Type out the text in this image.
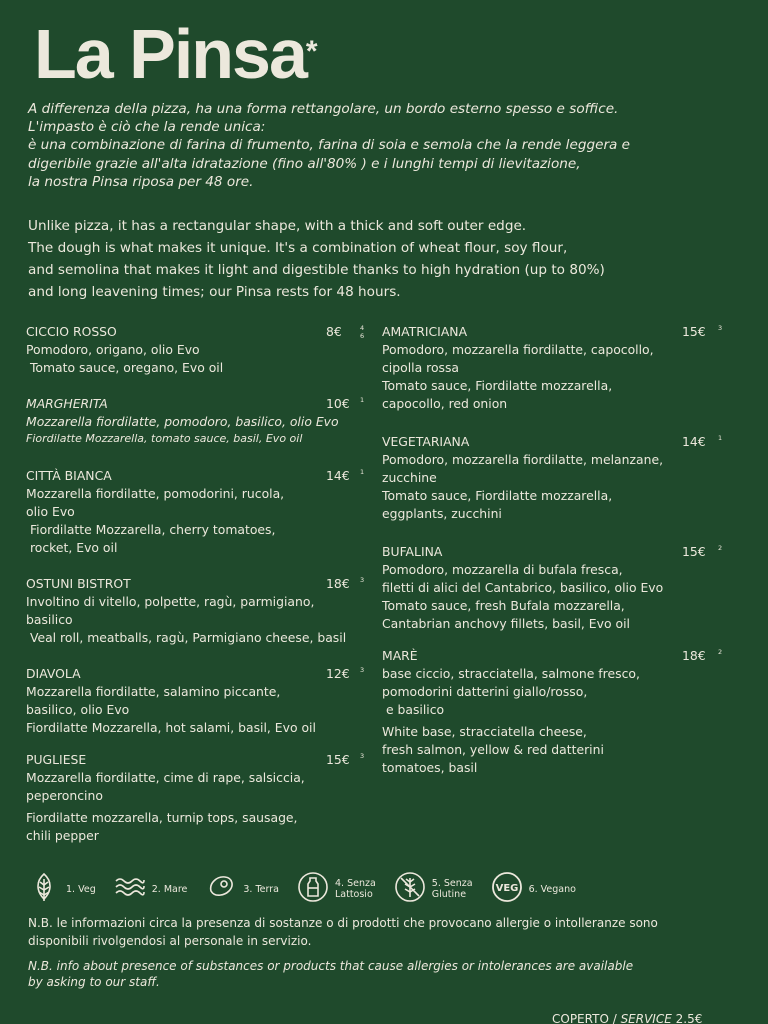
La Pinsa*
A differenza della pizza, ha una forma rettangolare, un bordo esterno spesso e soffice.
L'impasto è ciò che la rende unica:
è una combinazione di farina di frumento, farina di soia e semola che la rende leggera e
digeribile grazie all'alta idratazione (fino all'80% ) e i lunghi tempi di lievitazione,
la nostra Pinsa riposa per 48 ore.
Unlike pizza, it has a rectangular shape, with a thick and soft outer edge.
The dough is what makes it unique. It's a combination of wheat flour, soy flour,
and semolina that makes it light and digestible thanks to high hydration (up to 80%)
and long leavening times; our Pinsa rests for 48 hours.
CICCIO ROSSO	8€	4
6
Pomodoro, origano, olio Evo
Tomato sauce, oregano, Evo oil
MARGHERITA	10€ 1
Mozzarella fiordilatte, pomodoro, basilico, olio Evo
Fiordilatte Mozzarella, tomato sauce, basil, Evo oil
CITTÀ BIANCA	14€ 1
Mozzarella fiordilatte, pomodorini, rucola,
olio Evo
Fiordilatte Mozzarella, cherry tomatoes,
rocket, Evo oil
OSTUNI BISTROT	18€ 3
Involtino di vitello, polpette, ragù, parmigiano,
basilico
Veal roll, meatballs, ragù, Parmigiano cheese, basil
DIAVOLA	12€ 3
Mozzarella fiordilatte, salamino piccante,
basilico, olio Evo
Fiordilatte Mozzarella, hot salami, basil, Evo oil
PUGLIESE	15€ 3
Mozzarella fiordilatte, cime di rape, salsiccia,
peperoncino
Fiordilatte mozzarella, turnip tops, sausage,
chili pepper
AMATRICIANA	15€ 3
Pomodoro, mozzarella fiordilatte, capocollo,
cipolla rossa
Tomato sauce, Fiordilatte mozzarella,
capocollo, red onion
VEGETARIANA	14€ 1
Pomodoro, mozzarella fiordilatte, melanzane,
zucchine
Tomato sauce, Fiordilatte mozzarella,
eggplants, zucchini
BUFALINA	15€ 2
Pomodoro, mozzarella di bufala fresca,
filetti di alici del Cantabrico, basilico, olio Evo
Tomato sauce, fresh Bufala mozzarella,
Cantabrian anchovy fillets, basil, Evo oil
MARÈ	18€ 2
base ciccio, stracciatella, salmone fresco,
pomodorini datterini giallo/rosso,
e basilico
White base, stracciatella cheese,
fresh salmon, yellow & red datterini
tomatoes, basil
1. Veg	2. Mare	3. Terra	4. Senza
Lattosio
5. Senza
Glutine
VEG 6. Vegano
N.B. le informazioni circa la presenza di sostanze o di prodotti che provocano allergie o intolleranze sono
disponibili rivolgendosi al personale in servizio.
N.B. info about presence of substances or products that cause allergies or intolerances are available
by asking to our staff.
COPERTO / SERVICE 2.5€
